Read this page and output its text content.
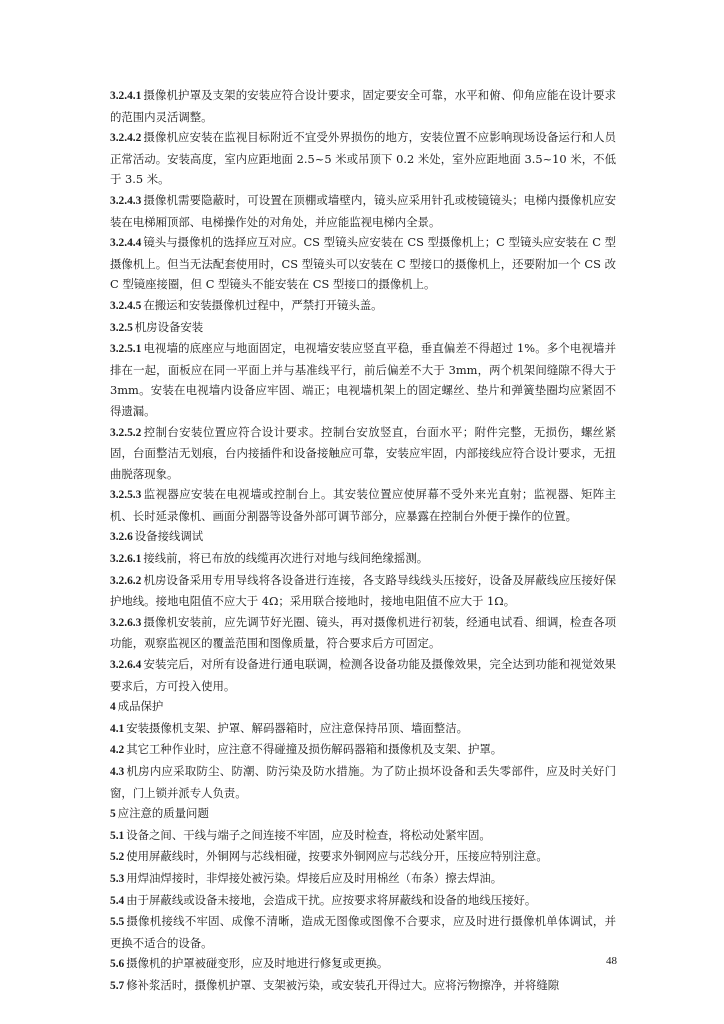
3.2.4.1 摄像机护罩及支架的安装应符合设计要求，固定要安全可靠，水平和俯、仰角应能在设计要求的范围内灵活调整。

3.2.4.2 摄像机应安装在监视目标附近不宜受外界损伤的地方，安装位置不应影响现场设备运行和人员正常活动。安装高度，室内应距地面 2.5~5 米或吊顶下 0.2 米处，室外应距地面 3.5~10 米，不低于 3.5 米。

3.2.4.3 摄像机需要隐蔽时，可设置在顶棚或墙壁内，镜头应采用针孔或棱镜镜头；电梯内摄像机应安装在电梯厢顶部、电梯操作处的对角处，并应能监视电梯内全景。

3.2.4.4 镜头与摄像机的选择应互对应。CS 型镜头应安装在 CS 型摄像机上；C 型镜头应安装在 C 型摄像机上。但当无法配套使用时，CS 型镜头可以安装在 C 型接口的摄像机上，还要附加一个 CS 改 C 型镜座接圈，但 C 型镜头不能安装在 CS 型接口的摄像机上。

3.2.4.5 在搬运和安装摄像机过程中，严禁打开镜头盖。

3.2.5 机房设备安装

3.2.5.1 电视墙的底座应与地面固定，电视墙安装应竖直平稳，垂直偏差不得超过 1%。多个电视墙并排在一起，面板应在同一平面上并与基准线平行，前后偏差不大于 3mm，两个机架间缝隙不得大于 3mm。安装在电视墙内设备应牢固、端正；电视墙机架上的固定螺丝、垫片和弹簧垫圈均应紧固不得遗漏。

3.2.5.2 控制台安装位置应符合设计要求。控制台安放竖直，台面水平；附件完整，无损伤，螺丝紧固，台面整洁无划痕，台内接插件和设备接触应可靠，安装应牢固，内部接线应符合设计要求，无扭曲脱落现象。

3.2.5.3 监视器应安装在电视墙或控制台上。其安装位置应使屏幕不受外来光直射；监视器、矩阵主机、长时延录像机、画面分割器等设备外部可调节部分，应暴露在控制台外便于操作的位置。

3.2.6 设备接线调试

3.2.6.1 接线前，将已布放的线缆再次进行对地与线间绝缘摇测。

3.2.6.2 机房设备采用专用导线将各设备进行连接，各支路导线线头压接好，设备及屏蔽线应压接好保护地线。接地电阻值不应大于 4Ω；采用联合接地时，接地电阻值不应大于 1Ω。

3.2.6.3 摄像机安装前，应先调节好光圈、镜头，再对摄像机进行初装，经通电试看、细调，检查各项功能，观察监视区的覆盖范围和图像质量，符合要求后方可固定。

3.2.6.4 安装完后，对所有设备进行通电联调，检测各设备功能及摄像效果，完全达到功能和视觉效果要求后，方可投入使用。

4 成品保护

4.1 安装摄像机支架、护罩、解码器箱时，应注意保持吊顶、墙面整洁。

4.2 其它工种作业时，应注意不得碰撞及损伤解码器箱和摄像机及支架、护罩。

4.3 机房内应采取防尘、防潮、防污染及防水措施。为了防止损坏设备和丢失零部件，应及时关好门窗，门上锁并派专人负责。

5 应注意的质量问题

5.1 设备之间、干线与端子之间连接不牢固，应及时检查，将松动处紧牢固。

5.2 使用屏蔽线时，外铜网与芯线相碰，按要求外铜网应与芯线分开，压接应特别注意。

5.3 用焊油焊接时，非焊接处被污染。焊接后应及时用棉丝（布条）擦去焊油。

5.4 由于屏蔽线或设备未接地，会造成干扰。应按要求将屏蔽线和设备的地线压接好。

5.5 摄像机接线不牢固、成像不清晰，造成无图像或图像不合要求，应及时进行摄像机单体调试，并更换不适合的设备。

5.6 摄像机的护罩被碰变形，应及时地进行修复或更换。

5.7 修补浆活时，摄像机护罩、支架被污染，或安装孔开得过大。应将污物擦净，并将缝隙

48
